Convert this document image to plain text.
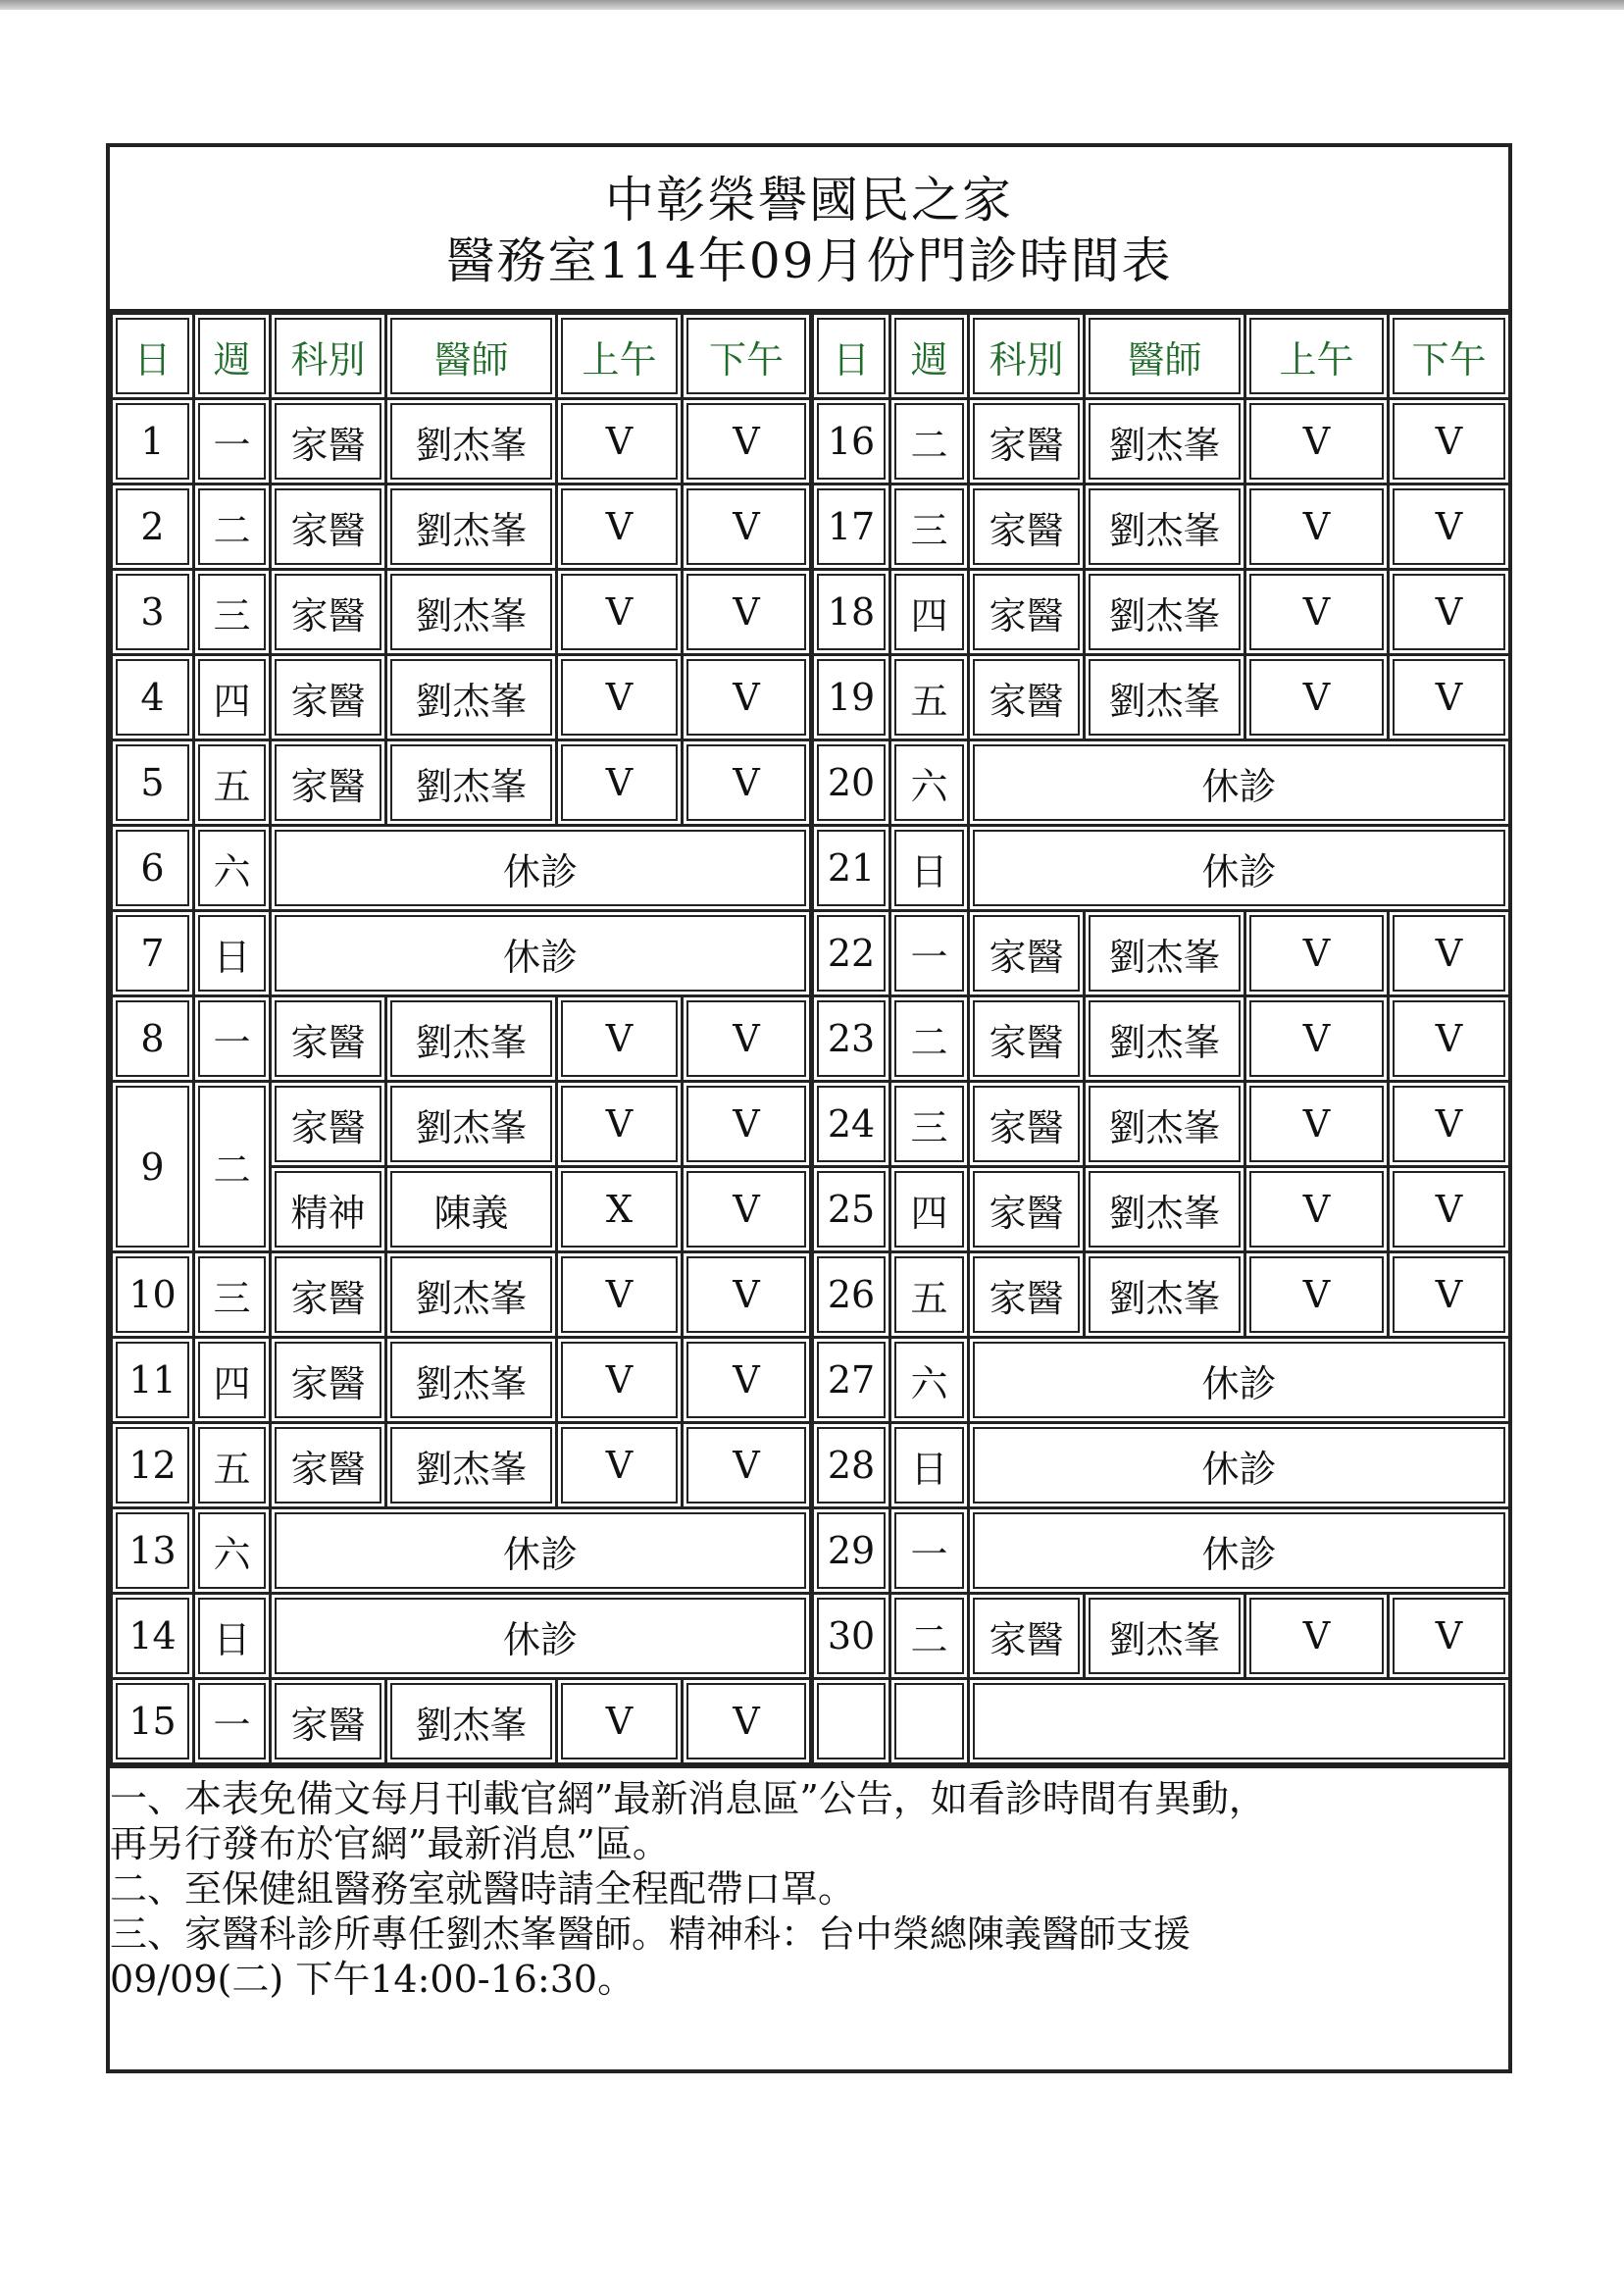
中彰榮譽國民之家
醫務室114年09月份門診時間表
日	週	科別	醫師	上午	下午	日	週	科別	醫師	上午	下午
1	一	家醫	劉杰峯	V	V	16	二	家醫	劉杰峯	V	V
2	二	家醫	劉杰峯	V	V	17	三	家醫	劉杰峯	V	V
3	三	家醫	劉杰峯	V	V	18	四	家醫	劉杰峯	V	V
4	四	家醫	劉杰峯	V	V	19	五	家醫	劉杰峯	V	V
5	五	家醫	劉杰峯	V	V	20	六	休診			
6	六	休診				21	日	休診			
7	日	休診				22	一	家醫	劉杰峯	V	V
8	一	家醫	劉杰峯	V	V	23	二	家醫	劉杰峯	V	V
9	二	家醫	劉杰峯	V	V	24	三	家醫	劉杰峯	V	V
		精神	陳義	X	V	25	四	家醫	劉杰峯	V	V
10	三	家醫	劉杰峯	V	V	26	五	家醫	劉杰峯	V	V
11	四	家醫	劉杰峯	V	V	27	六	休診			
12	五	家醫	劉杰峯	V	V	28	日	休診			
13	六	休診				29	一	休診			
14	日	休診				30	二	家醫	劉杰峯	V	V
15	一	家醫	劉杰峯	V	V						
一、本表免備文每月刊載官網”最新消息區”公告，如看診時間有異動，
再另行發布於官網”最新消息”區。
二、至保健組醫務室就醫時請全程配帶口罩。
三、家醫科診所專任劉杰峯醫師。精神科：台中榮總陳義醫師支援
09/09(二) 下午14:00-16:30。
